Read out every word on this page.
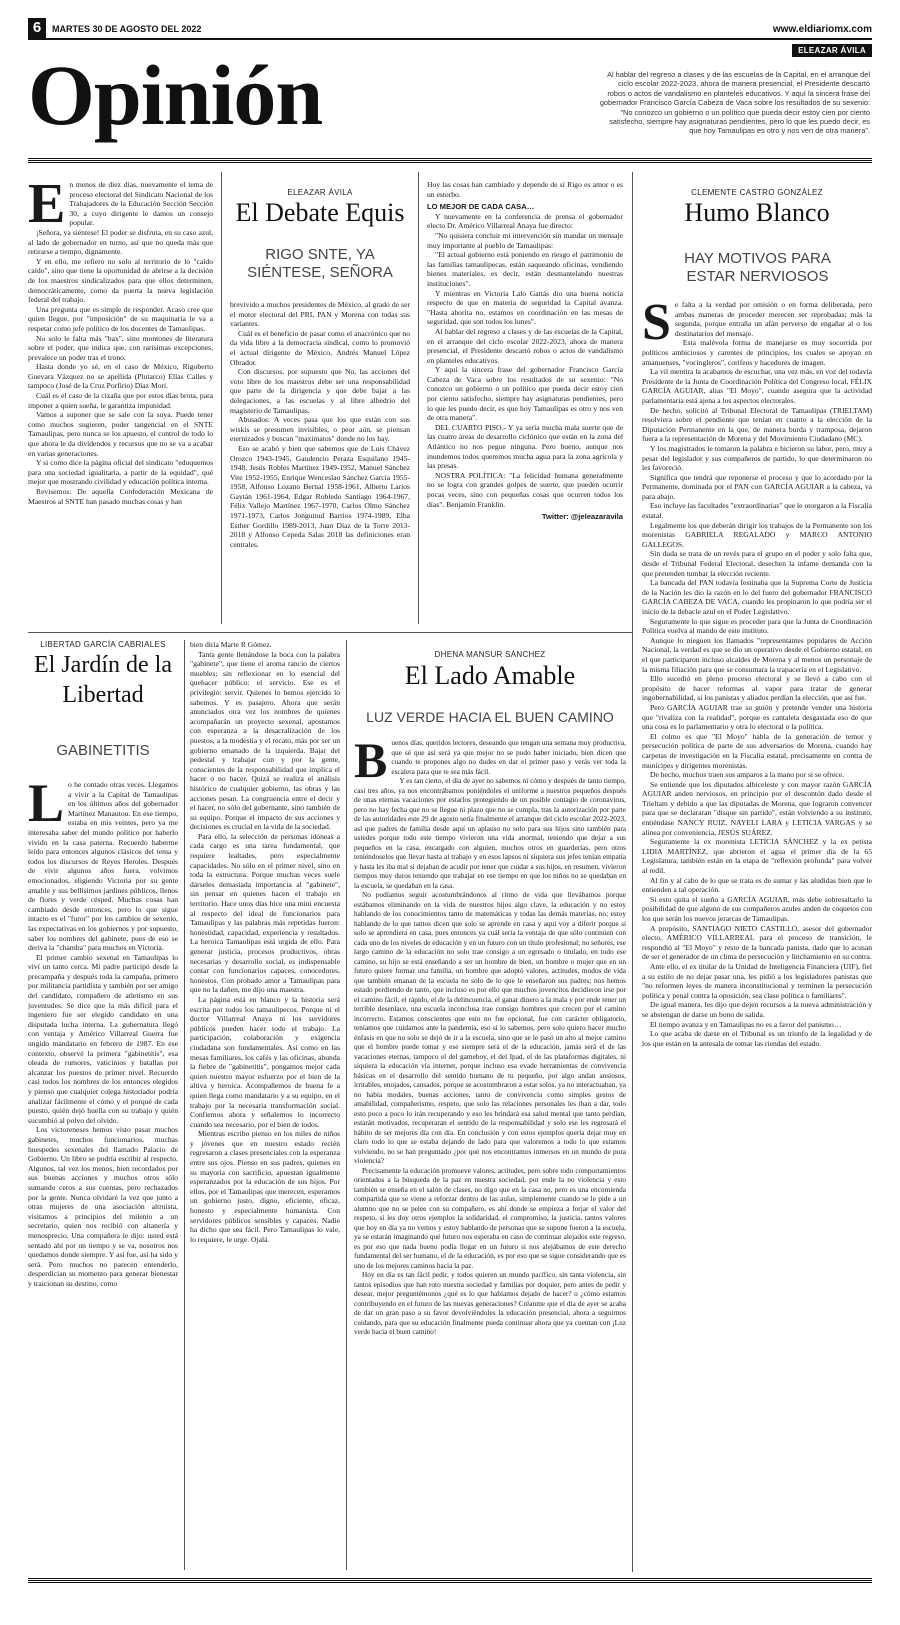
6	MARTES 30 DE AGOSTO DEL 2022	www.eldiariomx.com
Opinión	ELEAZAR ÁVILA
Al hablar del regreso a clases y de las escuelas de la Capital, en el arranque del ciclo escolar 2022-2023, ahora de manera presencial, el Presidente descartó robos o actos de vandalismo en planteles educativos. Y aquí la sincera frase del gobernador Francisco García Cabeza de Vaca sobre los resultados de su sexenio: "No conozco un gobierno o un político que pueda decir estoy cien por ciento satisfecho, siempre hay asignaturas pendientes, pero lo que les puedo decir, es que hoy Tamaulipas es otro y nos ven de otra manera".
E n menos de diez días, nuevamente el tema de proceso electoral del Sindicato Nacional de los Trabajadores de la Educación Sección Sección 30, a cuyo dirigente le damos un consejo popular.

¡Señora, ya siéntese! El poder se disfruta, en su caso azul, al lado de gobernador en turno, así que no queda más que retirarse a tiempo, dignamente.

Y en ello, me refiero no solo al territorio de lo "caído caído", sino que tiene la oportunidad de abrirse a la decisión de los maestros sindicalizados para que ellos determinen, democráticamente, como da puerta la nueva legislación federal del trabajo.

Una pregunta que es simple de responder. Acaso cree que quien llegue, por "imposición" de su maquinaria le va a respetar como jefe político de los docentes de Tamaulipas.

No solo le falta más "bax", sino montones de literatura sobre el poder, que indica que, con rarísimas excepciones, prevalece un poder tras el trono.

Hasta donde yo sé, en el caso de México, Rigoberto Guevara Vázquez no se apellida (Plutarco) Elías Calles y tampoco (José de la Cruz Porfirio) Díaz Mori.

Cuál es el caso de la cizaña que por estos días brota, para imponer a quien sueña, le garantiza impunidad.

Vamos a suponer que se sale con la suya. Puede tener como muchos sugieren, poder tangencial en el SNTE Tamaulipas, pero nunca se los apuesto, el control de todo lo que ahora le da dividendos y recursos que no se va a acabar en varias generaciones.

Y si como dice la página oficial del sindicato "eduquemos para una sociedad igualitaria, a partir de la equidad", qué mejor que mostrando civilidad y educación política interna.

Revisemos: De aquella Confederación Mexicana de Maestros al SNTE han pasado muchas cosas y han

ELEAZAR ÁVILA
El Debate Equis
RIGO SNTE, YA SIÉNTESE, SEÑORA

brevivido a muchos presidentes de México, al grado de ser el motor electoral del PRI, PAN y Morena con todas sus variantes.

Cuál es el beneficio de pasar como el anacrónico que no da vida libre a la democracia sindical, como lo promovió el actual dirigente de México, Andrés Manuel López Obrador.

Con discursos, por supuesto que No, las acciones del voto libre de los maestros debe ser una responsabilidad que parte de la dirigencia y que debe bajar a las delegaciones, a las escuelas y al libre albedrío del magisterio de Tamaulipas.

Abusados: A veces pasa que los que están con sus wiskis se presumen invisibles, o peor aún, se piensan eternizados y buscan "maximatos" donde no los hay.

Eso se acabó y bien que sabemos que de Luis Chávez Orozco 1943-1945, Gaudencio Peraza Esquilano 1945-1948, Jesús Robles Martínez 1949-1952, Manuel Sánchez Vite 1952-1955, Enrique Wenceslao Sánchez García 1955-1958, Alfonso Lozano Bernal 1958-1961, Alberto Larios Gaytán 1961-1964, Edgar Robledo Santiago 1964-1967, Félix Vallejo Martínez 1967-1970, Carlos Olmo Sánchez 1971-1973, Carlos Jonguitud Barrios 1974-1989, Elba Esther Gordillo 1989-2013, Juan Díaz de la Torre 2013-2018 y Alfonso Cepeda Salas 2018 las definiciones eran centrales.

Hoy las cosas han cambiado y depende de sí Rigo es amor o es un estorbo.

LO MEJOR DE CADA CASA…

Y nuevamente en la conferencia de prensa el gobernador electo Dr. Américo Villarreal Anaya fue directo:

"No quisiera concluir mi intervención sin mandar un mensaje muy importante al pueblo de Tamaulipas:

"El actual gobierno está poniendo en riesgo el patrimonio de las familias tamaulipecas, están saqueando oficinas, vendiendo bienes materiales, es decir, están desmantelando nuestras instituciones".

Y mientras en Victoria Lalo Gattás dio una buena noticia respecto de que en materia de seguridad la Capital avanza. "Hasta ahorita no, estamos en coordinación en las mesas de seguridad, que son todos los lunes".

Al hablar del regreso a clases y de las escuelas de la Capital, en el arranque del ciclo escolar 2022-2023, ahora de manera presencial, el Presidente descartó robos o actos de vandalismo en planteles educativos.

Y aquí la sincera frase del gobernador Francisco García Cabeza de Vaca sobre los resultados de su sexenio: "No conozco un gobierno o un político que pueda decir estoy cien por ciento satisfecho, siempre hay asignaturas pendientes, pero lo que les puedo decir, es que hoy Tamaulipas es otro y nos ven de otra manera".

DEL CUARTO PISO.- Y ya sería mucha mala suerte que de las cuatro áreas de desarrollo ciclónico que están en la zona del Atlántico no nos pegue ninguna. Pero bueno, aunque nos inundemos todos queremos mucha agua para la zona agrícola y las presas.

NOSTRA POLÍTICA: "La felicidad humana generalmente no se logra con grandes golpes de suerte, que pueden ocurrir pocas veces, sino con pequeñas cosas que ocurren todos los días". Benjamín Franklin.

Twitter: @jeleazaravila
CLEMENTE CASTRO GONZÁLEZ
Humo Blanco
HAY MOTIVOS PARA ESTAR NERVIOSOS
S e falta a la verdad por omisión o en forma deliberada, pero ambas maneras de proceder merecen ser reprobadas; más la segunda, porque entraña un afán perverso de engañar al o los destinatarios del mensaje.

Esta malévola forma de manejarse es muy socorrida por políticos ambiciosos y carentes de principios, los cuales se apoyan en amanuenses, "vocingleros", corifeos y hacedores de imagen.

La vil mentira la acabamos de escuchar, una vez más, en voz del todavía Presidente de la Junta de Coordinación Política del Congreso local, FÉLIX GARCÍA AGUIAR, alias "El Moyo", cuando asegura que la actividad parlamentaria está ajena a los aspectos electorales.

De hecho, solicitó al Tribunal Electoral de Tamaulipas (TRIELTAM) resolviera sobre el pendiente que tenían en cuanto a la elección de la Diputación Permanente en la que, de manera burda y tramposa, dejaron fuera a la representación de Morena y del Movimiento Ciudadano (MC).

Y los magistrados le tomaron la palabra e hicieron su labor, pero, muy a pesar del legislador y sus compañeros de partido, lo que determinaron no les favoreció.

Significa que tendrá que reponerse el proceso y que lo acordado por la Permanente, dominada por el PAN con GARCÍA AGUIAR a la cabeza, va para abajo.

Eso incluye las facultades "extraordinarias" que le otorgaron a la Fiscalía estatal.

Legalmente los que deberán dirigir los trabajos de la Permanente son los morenistas GABRIELA REGALADO y MARCO ANTONIO GALLEGOS.

Sin duda se trata de un revés para el grupo en el poder y solo falta que, desde el Tribunal Federal Electoral, desechen la infame demanda con la que pretenden tumbar la elección reciente.

La bancada del PAN todavía festinaba que la Suprema Corte de Justicia de la Nación les dio la razón en lo del fuero del gobernador FRANCISCO GARCÍA CABEZA DE VACA, cuando les propinaron lo que podría ser el inicio de la debacle azul en el Poder Legislativo.

Seguramente lo que sigue es proceder para que la Junta de Coordinación Política vuelva al mando de este instituto.

Aunque lo nieguen los llamados "representantes populares de Acción Nacional, la verdad es que se dio un operativo desde el Gobierno estatal, en el que participaron incluso alcaldes de Morena y al menos un personaje de la misma filiación para que se consumara la trapacería en el Legislativo.

Ello sucedió en pleno proceso electoral y se llevó a cabo con el propósito de hacer reformas al vapor para tratar de generar ingobernabilidad, si los panistas y aliados perdían la elección, que así fue.

Pero GARCÍA AGUIAR trae su guión y pretende vender una historia que "rivaliza con la realidad", porque es cantaleta desgastada eso de que una cosa es lo parlamentario y otra lo electoral o la política.

El colmo es que "El Moyo" habla de la generación de temor y persecución política de parte de sus adversarios de Morena, cuando hay carpetas de investigación en la Fiscalía estatal, precisamente en contra de munícipes y dirigentes morenistas.

De hecho, muchos traen sus amparos a la mano por si se ofrece.

Se entiende que los diputados albiceleste y con mayor razón GARCÍA AGUIAR anden nerviosos, en principio por el descontón dado desde el Trieltam y debido a que las diputadas de Morena, que lograron convencer para que se declararan "disque sin partido", están volviendo a su instituto, entiéndase NANCY RUIZ, NAYELI LARA y LETICIA VARGAS y se alinea por conveniencia, JESÚS SUÁREZ.

Seguramente la ex morenista LETICIA SÁNCHEZ y la ex petista LIDIA MARTÍNEZ, que abrieron el agua el primer día de la 65 Legislatura, también están en la etapa de "reflexión profunda" para volver al redil.

Al fin y al cabo de lo que se trata es de sumar y las aludidas bien que le entienden a tal operación.

Si esto quita el sueño a GARCÍA AGUIAR, más debe sobresaltarlo la posibilidad de que alguno de sus compañeros azules anden de coquetos con los que serán los nuevos jerarcas de Tamaulipas.

A propósito, SANTIAGO NIETO CASTILLO, asesor del gobernador electo, AMÉRICO VILLARREAL para el proceso de transición, le respondió al "El Moyo" y resto de la bancada panista, dado que lo acusan de ser el generador de un clima de persecución y linchamiento en su contra.

Ante ello, el ex titular de la Unidad de Inteligencia Financiera (UIF), fiel a su estilo de no dejar pasar una, les pidió a los legisladores panistas que "no reformen leyes de manera inconstitucional y terminen la persecución política y penal contra la oposición, sea clase política o familiares".

De igual manera, les dijo que dejen recursos a la nueva administración y se abstengan de darse un bono de salida.

El tiempo avanza y en Tamaulipas no es a favor del panismo…

Lo que acaba de darse en el Tribunal es un triunfo de la legalidad y de los que están en la antesala de tomar las riendas del estado.

LIBERTAD GARCÍA CABRIALES
El Jardín de la Libertad
GABINETITIS
L o he contado otras veces. Llegamos a vivir a la Capital de Tamaulipas en los últimos años del gobernador Martínez Manautou. En ese tiempo, estaba en mis veintes, pero ya me interesaba saber del mundo político por haberlo vivido en la casa paterna. Recuerdo haberme leído para entonces algunos clásicos del tema y todos los discursos de Reyes Heroles. Después de vivir algunos años fuera, volvimos emocionados, eligiendo Victoria por su gente amable y sus bellísimos jardines públicos, llenos de flores y verde césped. Muchas cosas han cambiado desde entonces, pero lo que sigue intacto es el "furor" por los cambios de sexenio, las expectativas en los gobiernos y por supuesto, saber los nombres del gabinete, pues de eso se deriva la "chamba" para muchos en Victoria.

El primer cambio sexenal en Tamaulipas lo viví un tanto cerca. Mi padre participó desde la precampaña y después toda la campaña, primero por militancia partidista y también por ser amigo del candidato, compañero de atletismo en sus juventudes. Se dice que la más difícil para el ingeniero fue ser elegido candidato en una disputada lucha interna. La gubernatura llegó con ventaja y Américo Villarreal Guerra fue ungido mandatario en febrero de 1987. En ese contexto, observé la primera "gabinetitis", esa oleada de rumores, vaticinios y batallas por alcanzar los puestos de primer nivel. Recuerdo casi todos los nombres de los entonces elegidos y pienso que cualquier colega historiador podría analizar fácilmente el cómo y el porqué de cada puesto, quién dejó huella con su trabajo y quién sucumbió al polvo del olvido.

Los victoreneses hemos visto pasar muchos gabinetes, muchos funcionarios, muchas huespedes sexenales del llamado Palacio de Gobierno. Un libro se podría escribir al respecto. Algunos, tal vez los menos, bien recordados por sus buenas acciones y muchos otros sólo sumando ceros a sus cuentas, pero rechazados por la gente. Nunca olvidaré la vez que junto a otras mujeres de una asociación altruista, visitamos a principios del milenio a un secretario, quien nos recibió con altanería y menosprecio. Una compañera le dijo: usted está sentado ahí por un tiempo y se va, nosotros nos quedamos donde siempre. Y así fue, así ha sido y será. Pero muchos no parecen entenderlo, desperdician su momento para generar bienestar y traicionan su destino, como

bien diría Marte R Gómez.

Tanta gente llenándose la boca con la palabra "gabinete", que tiene el aroma rancio de ciertos muebles; sin reflexionar en lo esencial del quehacer público: el servicio. Ese es el privilegio: servir. Quienes lo hemos ejercido lo sabemos. Y es pasajero. Ahora que serán anunciados otra vez los nombres de quienes acompañarán un proyecto sexenal, apostamos con esperanza a la desacralización de los puestos, a la modestia y el recato, más por ser un gobierno emanado de la izquierda. Bajar del pedestal y trabajar con y por la gente, conscientes de la responsabilidad que implica el hacer o no hacer. Quizá se realiza el análisis histórico de cualquier gobierno, las obras y las acciones pesan. La congruencia entre el decir y el hacer, no sólo del gobernante, sino también de su equipo. Porque el impacto de sus acciones y decisiones es crucial en la vida de la sociedad.

Para ello, la selección de personas idóneas a cada cargo es una tarea fundamental, que requiere lealtades, pero especialmente capacidades. No sólo en el primer nivel, sino en toda la estructura. Porque muchas veces suele dárseles demasiada importancia al "gabinete", sin pensar en quienes hacen el trabajo en territorio. Hace unos días hice una mini encuesta al respecto del ideal de funcionarios para Tamaulipas y las palabras más repetidas fueron: honestidad, capacidad, experiencia y resultados. La heroica Tamaulipas está urgida de ello. Para generar justicia, procesos productivos, obras necesarias y desarrollo social, es indispensable contar con funcionarios capaces, conocedores, honestos. Con probado amor a Tamaulipas para que no la dañen, me dijo una maestra.

La página está en blanco y la historia será escrita por todos los tamaulipecos. Porque ni el doctor Villarreal Anaya ni los servidores públicos pueden hacer todo el trabajo. La participación, colaboración y exigencia ciudadana son fundamentales. Así como en las mesas familiares, los cafés y las oficinas, abunda la fiebre de "gabinetitis", pongamos mejor cada quien nuestro mayor esfuerzo por el bien de la altiva y heroica. Acompañemos de buena fe a quien llega como mandatario y a su equipo, en el trabajo por la necesaria transformación social. Confiemos ahora y señalemos lo incorrecto cuando sea necesario, por el bien de todos.

Mientras escribo pienso en los miles de niños y jóvenes que en nuestro estado recién regresaron a clases presenciales con la esperanza entre sus ojos. Pienso en sus padres, quienes en su mayoría con sacrificio, apuestan igualmente esperanzados por la educación de sus hijos. Por ellos, por el Tamaulipas que merecen, esperamos un gobierno justo, digno, eficiente, eficaz, honesto y especialmente humanista. Con servidores públicos sensibles y capaces. Nadie ha dicho que sea fácil. Pero Tamaulipas lo vale, lo requiere, le urge. Ojalá.

DHENA MANSUR SÁNCHEZ
El Lado Amable
LUZ VERDE HACIA EL BUEN CAMINO
B uenos días, queridos lectores, deseando que tengan una semana muy productiva, que sé que así será ya que mejor no se pudo haber iniciado, bien dicen que cuando te propones algo no dudes en dar el primer paso y verás ver toda la escalera para que te sea más fácil.

Y es tan cierto, el día de ayer no sabemos ni cómo y después de tanto tiempo, casi tres años, ya nos encontrábamos poniéndoles el uniforme a nuestros pequeños después de unas eternas vacaciones por estarlos protegiendo de un posible contagio de coronavirus, pero no hay fecha que no se llegue ni plazo que no se cumpla, tras la autorización por parte de las autoridades este 29 de agosto sería finalmente el arranque del ciclo escolar 2022-2023, así que padres de familia desde aquí un aplauso no solo para sus hijos sino también para ustedes porque todo este tiempo vivieron una vida anormal, teniendo que dejar a sus pequeños en la casa, encargado con alguien, muchos otros en guarderías, pero otros teniéndoselos que llevar hasta al trabajo y en esos lapsos ni siquiera sus jefes tenían empatía y hasta les iba mal si dejaban de acudir por tener que cuidar a sus hijos, en resumen, vivieron tiempos muy duros teniendo que trabajar en ese tiempo en que los niños no se quedaban en la escuela, se quedaban en la casa.

No podíamos seguir acostumbrándonos al ritmo de vida que llevábamos porque estábamos eliminando en la vida de nuestros hijos algo clave, la educación y no estoy hablando de los conocimientos tanto de matemáticas y todas las demás materias, no; estoy hablando de lo que tantos dicen que solo se aprende en casa y aquí voy a diferir porque si solo se aprendiera en casa, pues entonces ya cuál sería la ventaja de que sólo continúen con cada uno de los niveles de educación y en un futuro con un título profesional; no señores, ese largo camino de la educación no solo trae consigo a un egresado o titulado, en todo ese camino, su hijo se está enseñando a ser un hombre de bien, un hombre o mujer que en un futuro quiere formar una familia, un hombre que adoptó valores, actitudes, modos de vida que también emanan de la escuela no solo de lo que le enseñaron sus padres; nos hemos estado perdiendo de tanto, que incluso es por ello que muchos jovencitos decidieron irse por el camino fácil, el rápido, el de la delincuencia, el ganar dinero a la mala y por ende tener un terrible desenlace, una escuela inconclusa trae consigo hombres que crecen por el camino incorrecto. Estamos conscientes que esto no fue opcional, fue con carácter obligatorio, teníamos que cuidarnos ante la pandemia, eso sí lo sabemos, pero solo quiero hacer mucho énfasis en que no solo se dejó de ir a la escuela, sino que se le pasó un alto al mejor camino que el hombre puede tomar y ese siempre será el de la educación, jamás será el de las vacaciones eternas, tampoco el del gameboy, el del Ipad, el de las plataformas digitales, ni siquiera la educación vía internet, porque incluso esa evade herramientas de convivencia básicas en el desarrollo del sentido humano de tu pequeño, por algo andan ansiosos, irritables, enojados, cansados, porque se acostumbraron a estar solos, ya no interactuaban, ya no había modales, buenas acciones, tanto de convivencia como simples gestos de amabilidad, compañerismo, respeto, que solo las relaciones personales les iban a dar, todo esto poco a poco lo irán recuperando y eso les brindará esa salud mental que tanto perdían, estarán motivados, recuperaran el sentido de la responsabilidad y solo ese les regresará el hábito de ser mejores día con día. En conclusión y con estos ejemplos quería dejar muy en claro todo lo que se estaba dejando de lado para que valoremos a todo lo que estamos volviendo, no se han preguntado ¿por qué nos encontramos inmersos en un mundo de pura violencia?

Precisamente la educación promueve valores, actitudes, pero sobre todo comportamientos orientados a la búsqueda de la paz en nuestra sociedad, por ende la no violencia y esto también se enseña en el salón de clases, no digo que en la casa no, pero es una encomienda compartida que se viene a reforzar dentro de las aulas, simplemente cuando se le pide a un alumno que no se pelee con su compañero, es ahí donde se empieza a forjar el valor del respeto, si les doy otros ejemplos la solidaridad, el compromiso, la justicia, tantos valores que hoy en día ya no vemos y estoy hablando de personas que se supone fueron a la escuela, ya se estarán imaginando qué futuro nos esperaba en caso de continuar alejados este regreso, es por eso que nada bueno podía llegar en un futuro si nos alejábamos de este derecho fundamental del ser humano, el de la educación, es por eso que se sigue considerando que es uno de los mejores caminos hacia la paz.

Hoy en día es tan fácil pedir, y todos quieren un mundo pacífico, sin tanta violencia, sin tantos episodios que han roto nuestra sociedad y familias por doquier, pero antes de pedir y desear, mejor preguntémonos ¿qué es lo que habíamos dejado de hacer? o ¿cómo estamos contribuyendo en el futuro de las nuevas generaciones? Créanme que el día de ayer se acaba de dar un gran paso a su favor devolviéndoles la educación presencial, ahora a seguirnos cuidando, para que su educación finalmente pueda continuar ahora que ya cuentan con ¡Luz verde hacia el buen camino!
